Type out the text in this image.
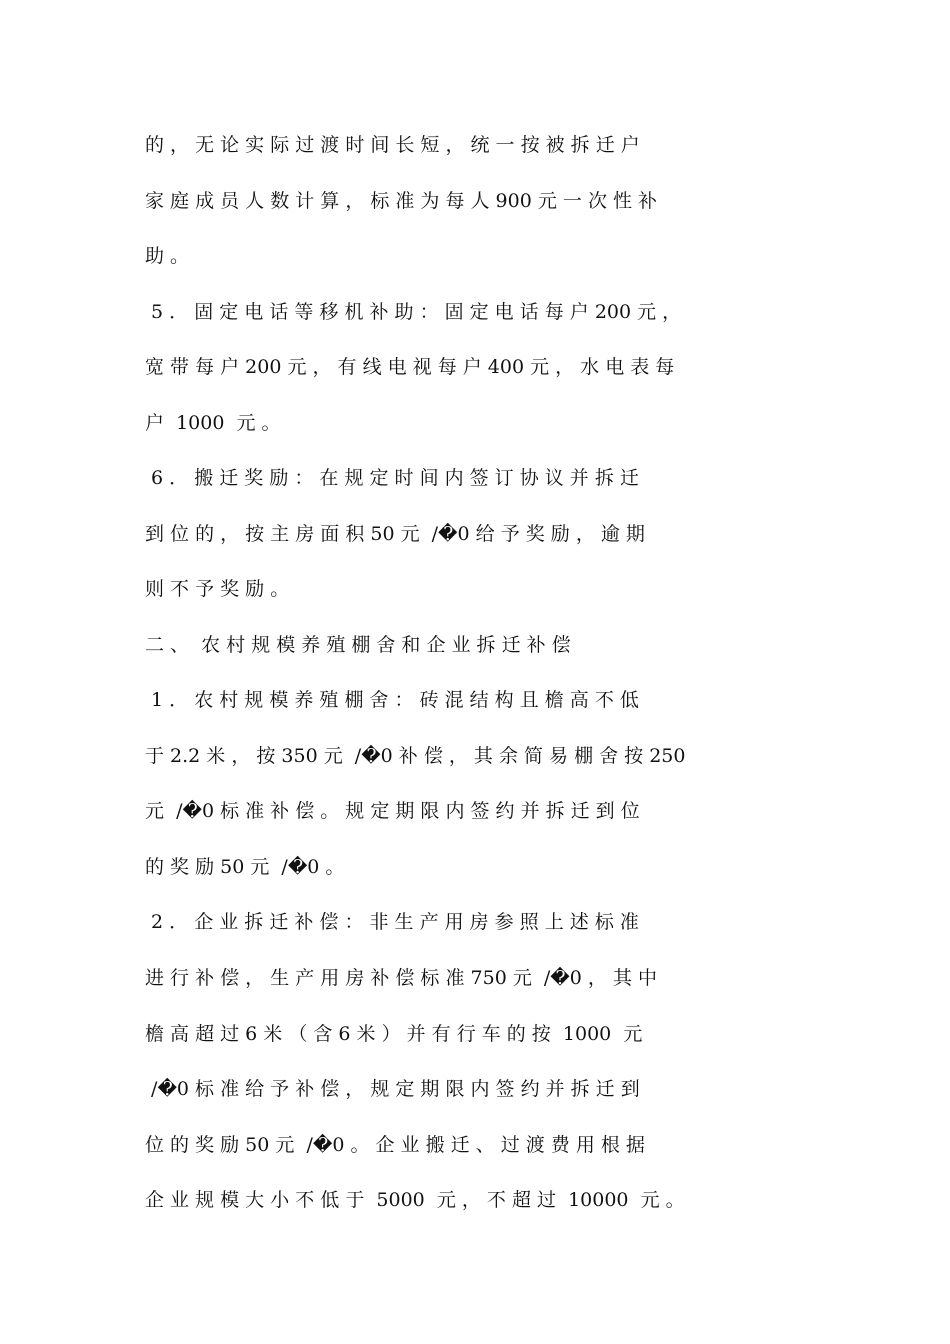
的 ， 无 论 实 际 过 渡 时 间 长 短 ， 统 一 按 被 拆 迁 户
家 庭 成 员 人 数 计 算 ， 标 准 为 每 人 900 元 一 次 性 补
助 。
5 ． 固 定 电 话 等 移 机 补 助 ： 固 定 电 话 每 户 200 元 ，
宽 带 每 户 200 元 ， 有 线 电 视 每 户 400 元 ， 水 电 表 每
户  1000  元 。
6 ． 搬 迁 奖 励 ： 在 规 定 时 间 内 签 订 协 议 并 拆 迁
到 位 的 ， 按 主 房 面 积 50 元  /�0 给 予 奖 励 ， 逾 期
则 不 予 奖 励 。
二 、  农 村 规 模 养 殖 棚 舍 和 企 业 拆 迁 补 偿
1 ． 农 村 规 模 养 殖 棚 舍 ： 砖 混 结 构 且 檐 高 不 低
于 2.2 米 ， 按 350 元  /�0 补 偿 ， 其 余 简 易 棚 舍 按 250
元  /�0 标 准 补 偿 。 规 定 期 限 内 签 约 并 拆 迁 到 位
的 奖 励 50 元  /�0 。
2 ． 企 业 拆 迁 补 偿 ： 非 生 产 用 房 参 照 上 述 标 准
进 行 补 偿 ， 生 产 用 房 补 偿 标 准 750 元  /�0 ， 其 中
檐 高 超 过 6 米 （ 含 6 米 ） 并 有 行 车 的 按  1000  元
/�0 标 准 给 予 补 偿 ， 规 定 期 限 内 签 约 并 拆 迁 到
位 的 奖 励 50 元  /�0 。 企 业 搬 迁 、 过 渡 费 用 根 据
企 业 规 模 大 小 不 低 于  5000  元 ， 不 超 过  10000  元 。
